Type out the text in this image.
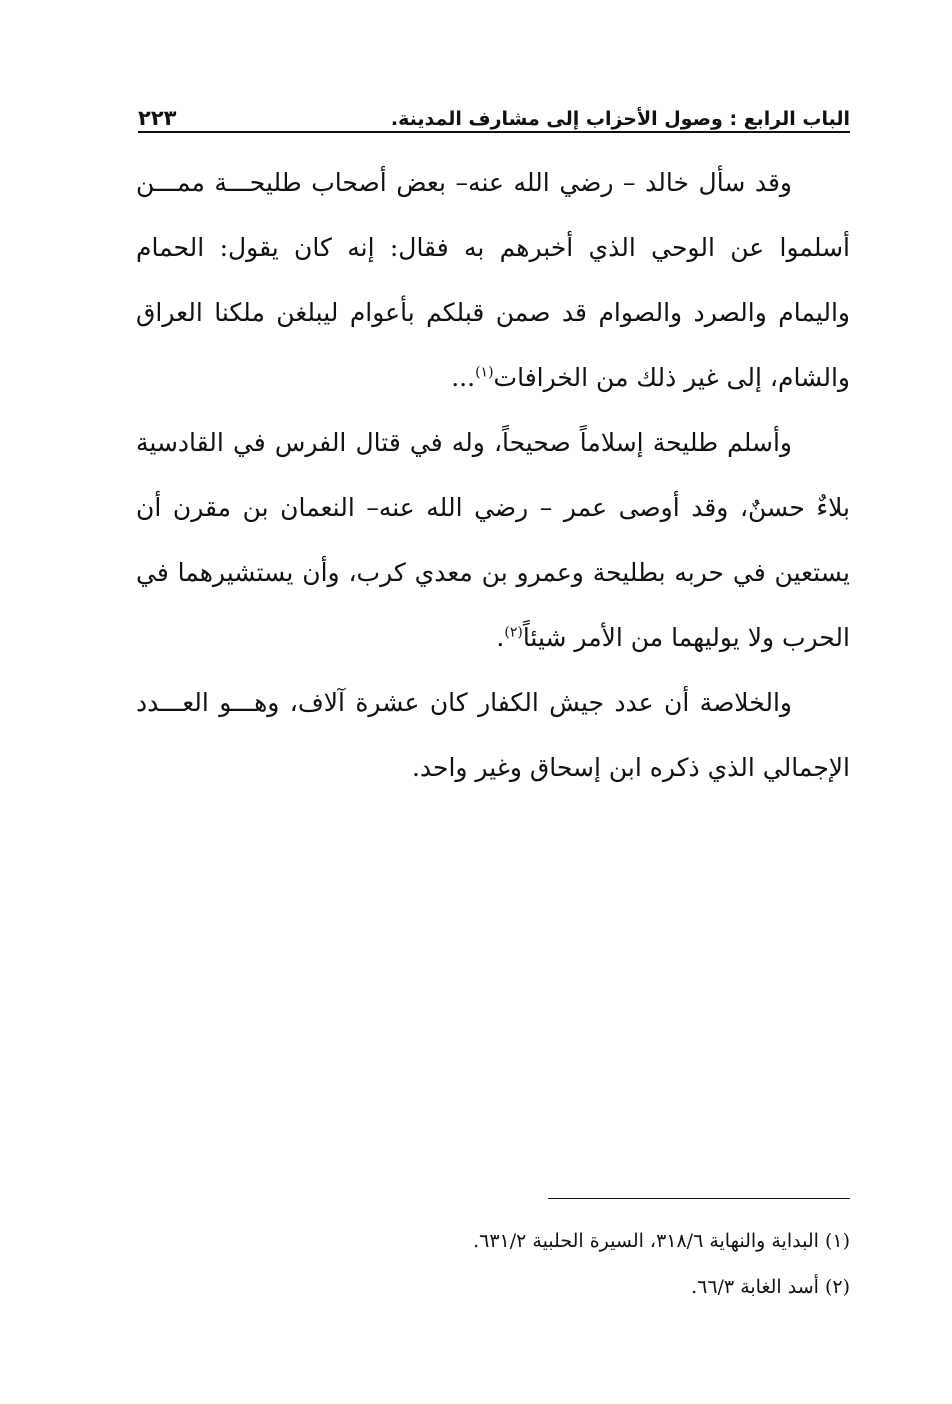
الباب الرابع : وصول الأحزاب إلى مشارف المدينة.
٢٢٣

وقد سأل خالد – رضي الله عنه– بعض أصحاب طليحـــة ممـــن أسلموا عن الوحي الذي أخبرهم به فقال: إنه كان يقول: الحمام واليمام والصرد والصوام قد صمن قبلكم بأعوام ليبلغن ملكنا العراق والشام، إلى غير ذلك من الخرافات$^{(١)}$...

وأسلم طليحة إسلاماً صحيحاً، وله في قتال الفرس في القادسية بلاءٌ حسنٌ، وقد أوصى عمر – رضي الله عنه– النعمان بن مقرن أن يستعين في حربه بطليحة وعمرو بن معدي كرب، وأن يستشيرهما في الحرب ولا يوليهما من الأمر شيئاً$^{(٢)}$.

والخلاصة أن عدد جيش الكفار كان عشرة آلاف، وهـــو العـــدد الإجمالي الذي ذكره ابن إسحاق وغير واحد.

(١) البداية والنهاية ٣١٨/٦، السيرة الحلبية ٦٣١/٢.

(٢) أسد الغابة ٦٦/٣.
